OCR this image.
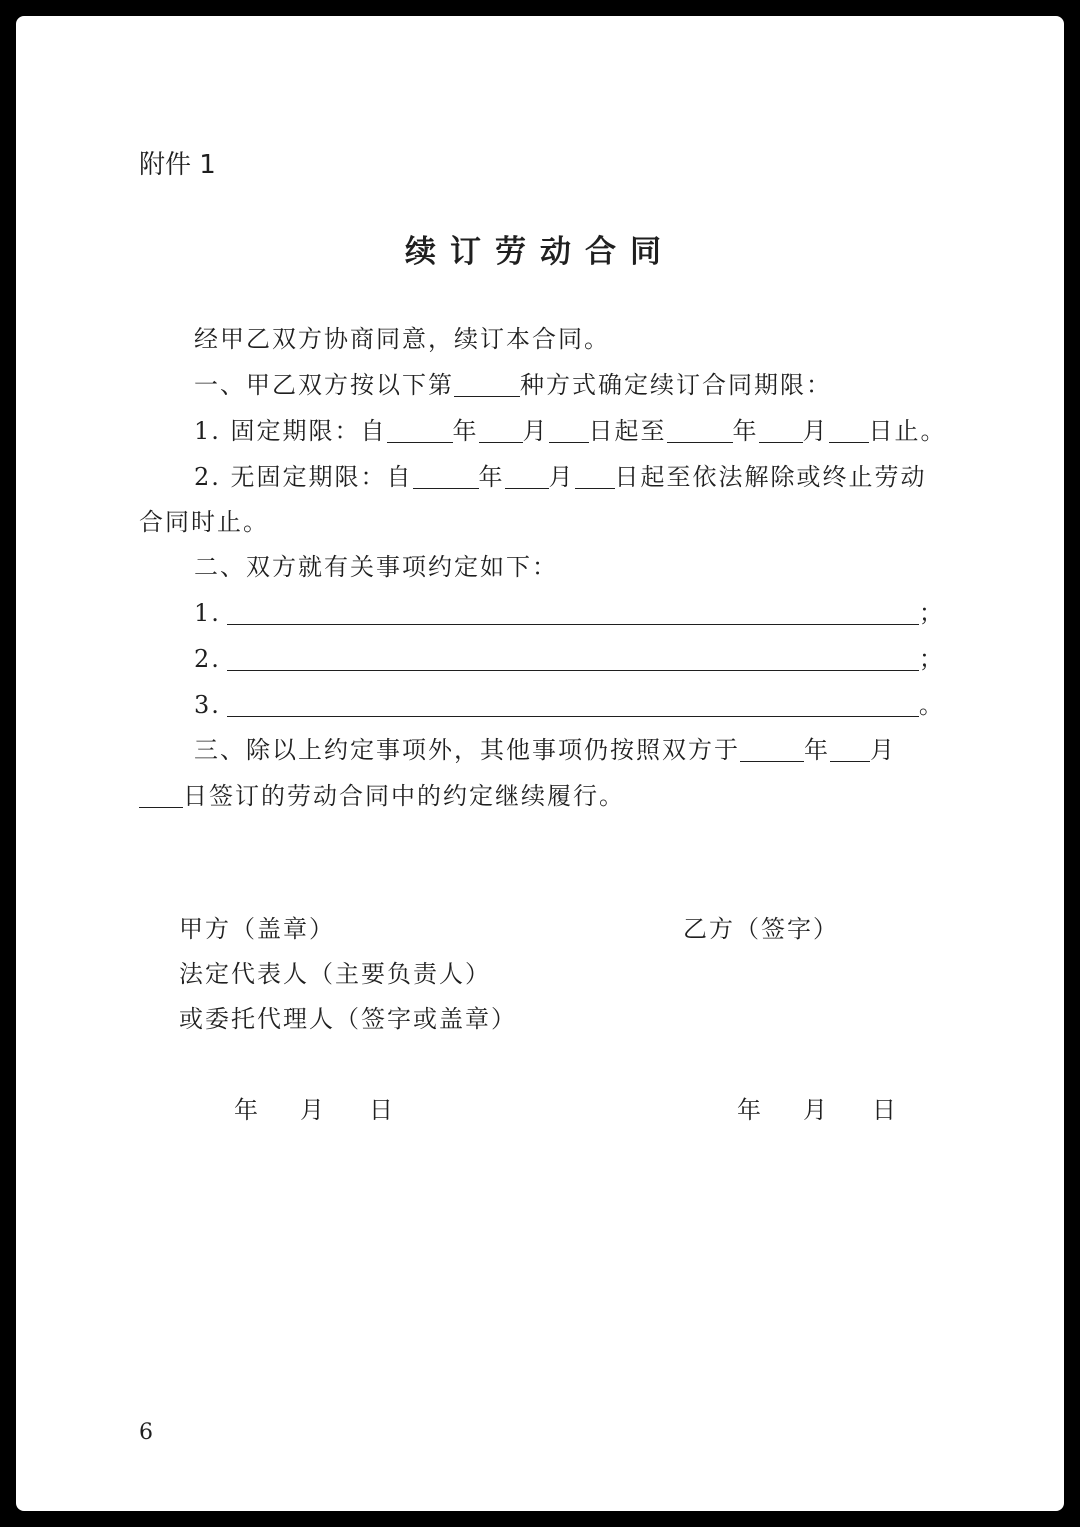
附件 1
续订劳动合同
经甲乙双方协商同意，续订本合同。
一、甲乙双方按以下第	种方式确定续订合同期限：
1. 固定期限：自	年 月 日起至	年 月 日止。
2. 无固定期限：自	年 月 日起至依法解除或终止劳动
合同时止。
二、双方就有关事项约定如下：
1.	；
2.	；
3.	。
三、除以上约定事项外，其他事项仍按照双方于	年 月
日签订的劳动合同中的约定继续履行。
甲方（盖章）
法定代表人（主要负责人）
或委托代理人（签字或盖章）
乙方（签字）
年 月 日	年 月 日
6
